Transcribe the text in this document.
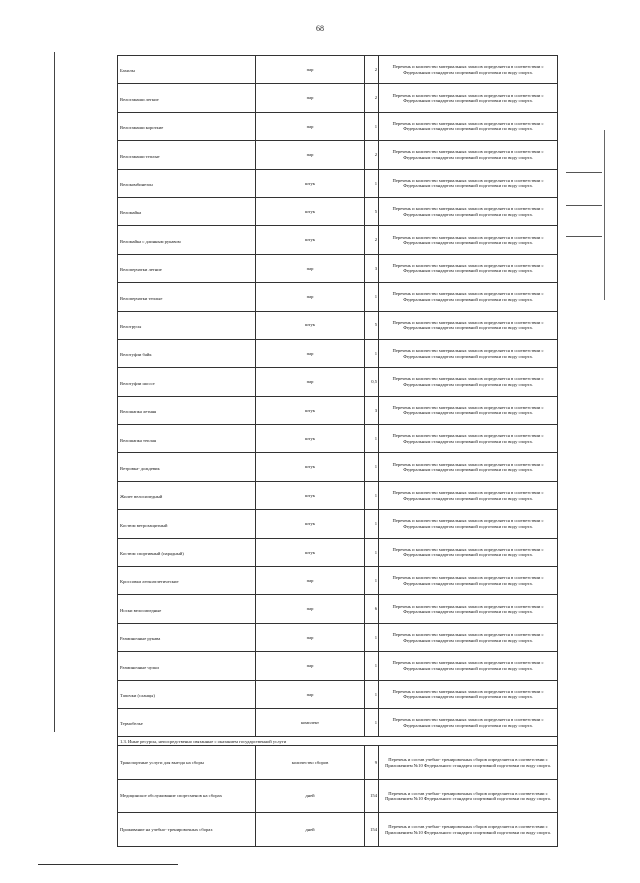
68
Бахилы	пар	2	Перечень и количество материальных запасов определяется в соответствии с Федеральным стандартом спортивной подготовки по виду спорта.
Велогамаши легкие	пар	2	Перечень и количество материальных запасов определяется в соответствии с Федеральным стандартом спортивной подготовки по виду спорта.
Велогамаши короткие	пар	1	Перечень и количество материальных запасов определяется в соответствии с Федеральным стандартом спортивной подготовки по виду спорта.
Велогамаши теплые	пар	2	Перечень и количество материальных запасов определяется в соответствии с Федеральным стандартом спортивной подготовки по виду спорта.
Велокомбинезон	штук	1	Перечень и количество материальных запасов определяется в соответствии с Федеральным стандартом спортивной подготовки по виду спорта.
Веломайка	штук	5	Перечень и количество материальных запасов определяется в соответствии с Федеральным стандартом спортивной подготовки по виду спорта.
Веломайка с длинным рукавом	штук	2	Перечень и количество материальных запасов определяется в соответствии с Федеральным стандартом спортивной подготовки по виду спорта.
Велоперчатки летние	пар	3	Перечень и количество материальных запасов определяется в соответствии с Федеральным стандартом спортивной подготовки по виду спорта.
Велоперчатки теплые	пар	1	Перечень и количество материальных запасов определяется в соответствии с Федеральным стандартом спортивной подготовки по виду спорта.
Велотрусы	штук	5	Перечень и количество материальных запасов определяется в соответствии с Федеральным стандартом спортивной подготовки по виду спорта.
Велотуфли байк	пар	1	Перечень и количество материальных запасов определяется в соответствии с Федеральным стандартом спортивной подготовки по виду спорта.
Велотуфли шоссе	пар	0,5	Перечень и количество материальных запасов определяется в соответствии с Федеральным стандартом спортивной подготовки по виду спорта.
Велошапка летняя	штук	3	Перечень и количество материальных запасов определяется в соответствии с Федеральным стандартом спортивной подготовки по виду спорта.
Велошапка теплая	штук	1	Перечень и количество материальных запасов определяется в соответствии с Федеральным стандартом спортивной подготовки по виду спорта.
Ветровка- дождевик	штук	1	Перечень и количество материальных запасов определяется в соответствии с Федеральным стандартом спортивной подготовки по виду спорта.
Жилет велосипедный	штук	1	Перечень и количество материальных запасов определяется в соответствии с Федеральным стандартом спортивной подготовки по виду спорта.
Костюм ветрозащитный	штук	1	Перечень и количество материальных запасов определяется в соответствии с Федеральным стандартом спортивной подготовки по виду спорта.
Костюм спортивный (парадный)	штук	1	Перечень и количество материальных запасов определяется в соответствии с Федеральным стандартом спортивной подготовки по виду спорта.
Кроссовки легкоатлетические	пар	1	Перечень и количество материальных запасов определяется в соответствии с Федеральным стандартом спортивной подготовки по виду спорта.
Носки велосипедные	пар	6	Перечень и количество материальных запасов определяется в соответствии с Федеральным стандартом спортивной подготовки по виду спорта.
Разминочные рукава	пар	1	Перечень и количество материальных запасов определяется в соответствии с Федеральным стандартом спортивной подготовки по виду спорта.
Разминочные чулки	пар	1	Перечень и количество материальных запасов определяется в соответствии с Федеральным стандартом спортивной подготовки по виду спорта.
Тапочки (сланцы)	пар	1	Перечень и количество материальных запасов определяется в соответствии с Федеральным стандартом спортивной подготовки по виду спорта.
Термобелье	комплект	1	Перечень и количество материальных запасов определяется в соответствии с Федеральным стандартом спортивной подготовки по виду спорта.
1.3. Иные ресурсы, непосредственно связанные с оказанием государственной услуги			
Транспортные услуги для выезда на сборы	количество сборов	9	Перечень и состав учебно- тренировочных сборов определяется в соответствии с Приложением №10 Федерального стандарта спортивной подготовки по виду спорта.
Медицинское обслуживание спортсменов на сборах	дней	154	Перечень и состав учебно- тренировочных сборов определяется в соответствии с Приложением №10 Федерального стандарта спортивной подготовки по виду спорта.
Проживание на учебно- тренировочных сборах	дней	154	Перечень и состав учебно- тренировочных сборов определяется в соответствии с Приложением №10 Федерального стандарта спортивной подготовки по виду спорта.
